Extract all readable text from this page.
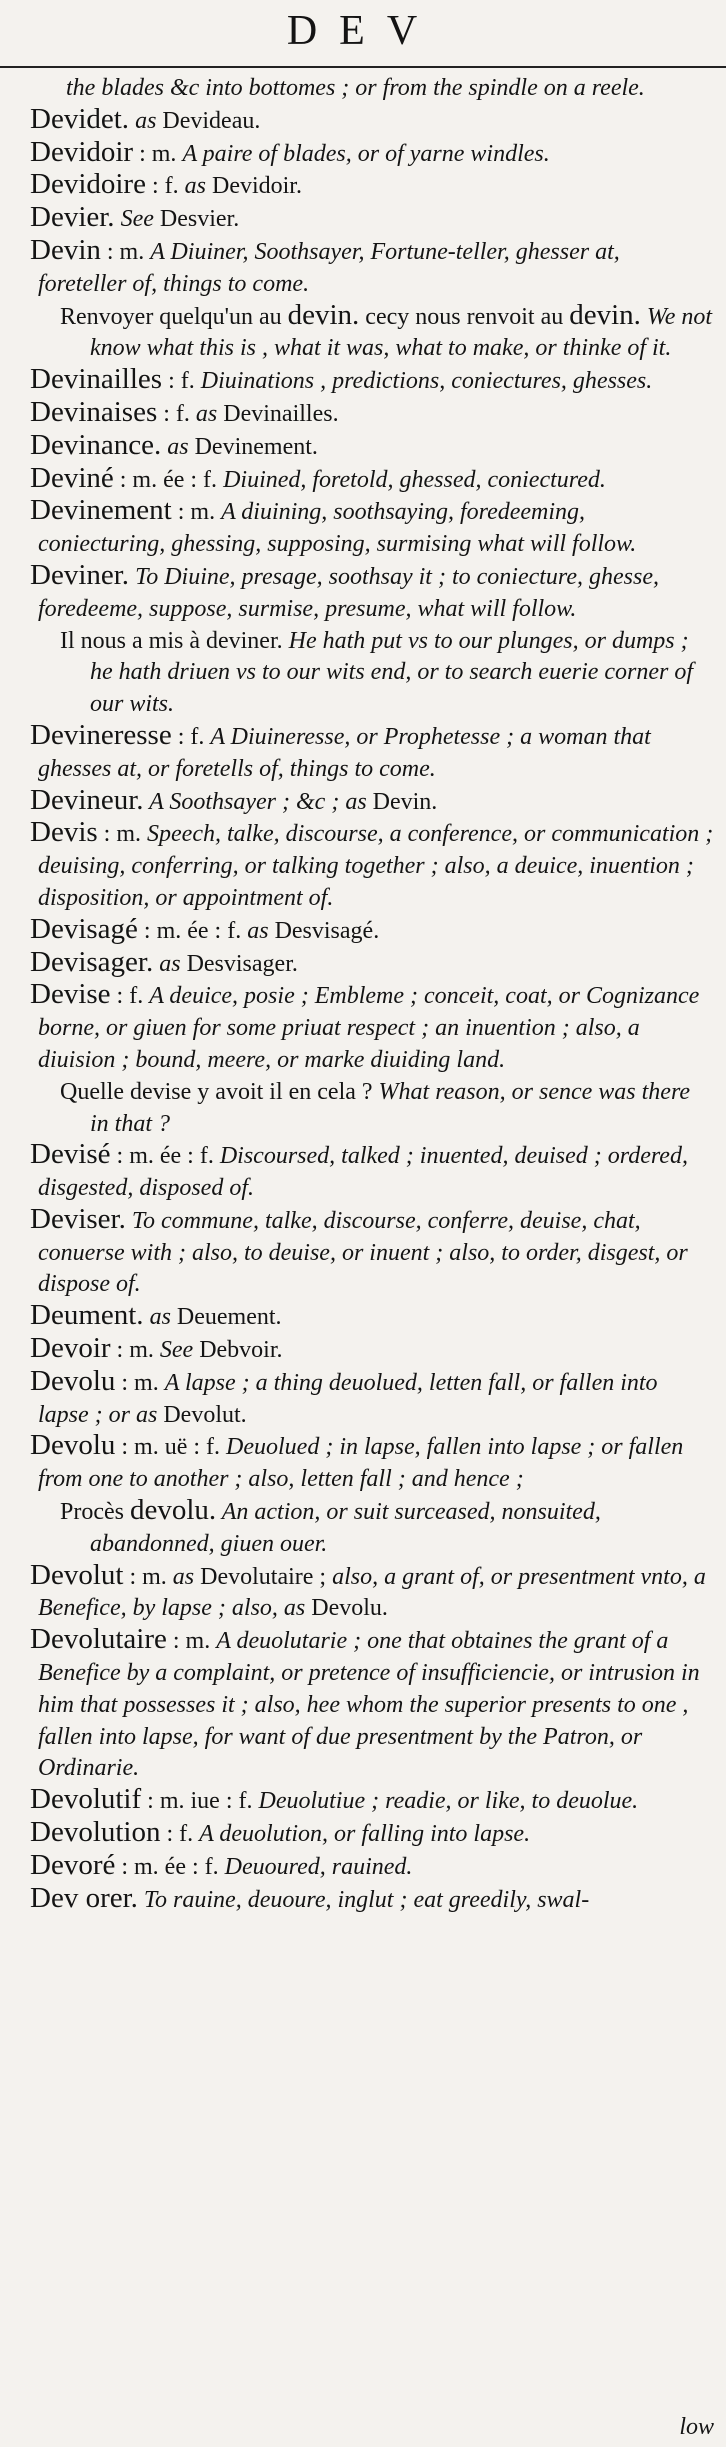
DEV

the blades &c into bottomes ; or from the spindle on a reele.

Devidet. as Devideau.

Devidoir : m. A paire of blades, or of yarne windles.

Devidoire : f. as Devidoir.

Devier. See Desvier.

Devin : m. A Diuiner, Soothsayer, Fortune-teller, ghesser at, foreteller of, things to come.

Renvoyer quelqu'un au devin. cecy nous renvoit au devin. We not know what this is , what it was, what to make, or thinke of it.

Devinailles : f. Diuinations , predictions, coniectures, ghesses.

Devinaises : f. as Devinailles.

Devinance. as Devinement.

Deviné : m. ée : f. Diuined, foretold, ghessed, coniectured.

Devinement : m. A diuining, soothsaying, foredeeming, coniecturing, ghessing, supposing, surmising what will follow.

Deviner. To Diuine, presage, soothsay it ; to coniecture, ghesse, foredeeme, suppose, surmise, presume, what will follow.

Il nous a mis à deviner. He hath put vs to our plunges, or dumps ; he hath driuen vs to our wits end, or to search euerie corner of our wits.

Devineresse : f. A Diuineresse, or Prophetesse ; a woman that ghesses at, or foretells of, things to come.

Devineur. A Soothsayer ; &c ; as Devin.

Devis : m. Speech, talke, discourse, a conference, or communication ; deuising, conferring, or talking together ; also, a deuice, inuention ; disposition, or appointment of.

Devisagé : m. ée : f. as Desvisagé.

Devisager. as Desvisager.

Devise : f. A deuice, posie ; Embleme ; conceit, coat, or Cognizance borne, or giuen for some priuat respect ; an inuention ; also, a diuision ; bound, meere, or marke diuiding land.

Quelle devise y avoit il en cela ? What reason, or sence was there in that ?

Devisé : m. ée : f. Discoursed, talked ; inuented, deuised ; ordered, disgested, disposed of.

Deviser. To commune, talke, discourse, conferre, deuise, chat, conuerse with ; also, to deuise, or inuent ; also, to order, disgest, or dispose of.

Deument. as Deuement.

Devoir : m. See Debvoir.

Devolu : m. A lapse ; a thing deuolued, letten fall, or fallen into lapse ; or as Devolut.

Devolu : m. uë : f. Deuolued ; in lapse, fallen into lapse ; or fallen from one to another ; also, letten fall ; and hence ;

Procès devolu. An action, or suit surceased, nonsuited, abandonned, giuen ouer.

Devolut : m. as Devolutaire ; also, a grant of, or presentment vnto, a Benefice, by lapse ; also, as Devolu.

Devolutaire : m. A deuolutarie ; one that obtaines the grant of a Benefice by a complaint, or pretence of insufficiencie, or intrusion in him that possesses it ; also, hee whom the superior presents to one , fallen into lapse, for want of due presentment by the Patron, or Ordinarie.

Devolutif : m. iue : f. Deuolutiue ; readie, or like, to deuolue.

Devolution : f. A deuolution, or falling into lapse.

Devoré : m. ée : f. Deuoured, rauined.

Dev orer. To rauine, deuoure, inglut ; eat greedily, swal-

low
